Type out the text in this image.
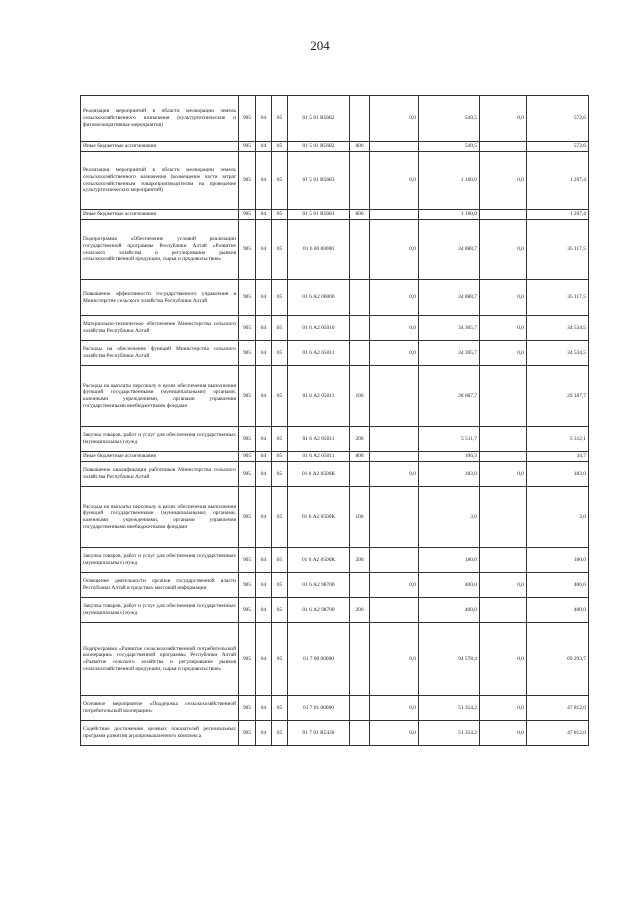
204
Реализация мероприятий в области мелиорации земель сельскохозяйственного назначения (культуртехнические и фитомелиоративные мероприятия)	905	04	05	01 5 01 R5682		0,0	549,5	0,0	572,6
Иные бюджетные ассигнования	905	04	05	01 5 01 R5682	800		549,5		572,6
Реализация мероприятий в области мелиорации земель сельскохозяйственного назначения (возмещение части затрат сельскохозяйственным товаропроизводителям на проведение культуртехнических мероприятий)	905	04	05	01 5 01 R5683		0,0	1 160,0	0,0	1 207,4
Иные бюджетные ассигнования	905	04	05	01 5 01 R5683	800		1 160,0		1 207,4
Подпрограмма «Обеспечение условий реализации государственной программы Республики Алтай «Развитие сельского хозяйства и регулирование рынков сельскохозяйственной продукции, сырья и продовольствия»	905	04	05	01 6 00 00000		0,0	34 888,7	0,0	35 117,5
Повышение эффективности государственного управления в Министерстве сельского хозяйства Республики Алтай	905	04	05	01 6 А2 00000		0,0	34 888,7	0,0	35 117,5
Материально-техническое обеспечение Министерства сельского хозяйства Республики Алтай	905	04	05	01 6 А2 05010		0,0	34 305,7	0,0	34 534,5
Расходы на обеспечение функций Министерства сельского хозяйства Республики Алтай	905	04	05	01 6 А2 05011		0,0	34 305,7	0,0	34 534,5
Расходы на выплаты персоналу в целях обеспечения выполнения функций государственными (муниципальными) органами, казенными учреждениями, органами управления государственными внебюджетными фондами	905	04	05	01 6 А2 05011	100		28 687,7		29 187,7
Закупка товаров, работ и услуг для обеспечения государственных (муниципальных) нужд	905	04	05	01 6 А2 05011	200		5 511,7		5 312,1
Иные бюджетные ассигнования	905	04	05	01 6 А2 05011	800		106,3		34,7
Повышение квалификации работников Министерства сельского хозяйства Республики Алтай	905	04	05	01 6 А2 0500К		0,0	183,0	0,0	183,0
Расходы на выплаты персоналу в целях обеспечения выполнения функций государственными (муниципальными) органами, казенными учреждениями, органами управления государственными внебюджетными фондами	905	04	05	01 6 А2 0500К	100		3,0		3,0
Закупка товаров, работ и услуг для обеспечения государственных (муниципальных) нужд	905	04	05	01 6 А2 0500К	200		180,0		180,0
Освещение деятельности органов государственной власти Республики Алтай в средствах массовой информации	905	04	05	01 6 А2 98700		0,0	400,0	0,0	400,0
Закупка товаров, работ и услуг для обеспечения государственных (муниципальных) нужд	905	04	05	01 6 А2 98700	200		400,0		400,0
Подпрограмма «Развитие сельскохозяйственной потребительской кооперации» государственной программы Республики Алтай «Развитие сельского хозяйства и регулирование рынков сельскохозяйственной продукции, сырья и продовольствия»	905	04	05	01 7 00 00000		0,0	94 578,4	0,0	69 293,7
Основное мероприятие «Поддержка сельскохозяйственной потребительской кооперации»	905	04	05	01 7 01 00000		0,0	51 354,2	0,0	47 812,0
Содействие достижению целевых показателей региональных программ развития агропромышленного комплекса	905	04	05	01 7 01 R5430		0,0	51 354,2	0,0	47 812,0
